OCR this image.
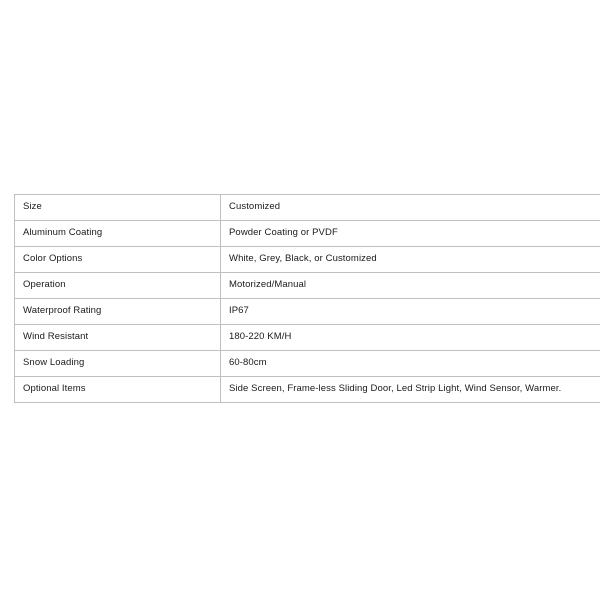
Size	Customized
Aluminum Coating	Powder Coating or PVDF
Color Options	White, Grey, Black, or Customized
Operation	Motorized/Manual
Waterproof Rating	IP67
Wind Resistant	180-220 KM/H
Snow Loading	60-80cm
Optional Items	Side Screen, Frame-less Sliding Door, Led Strip Light, Wind Sensor, Warmer.
